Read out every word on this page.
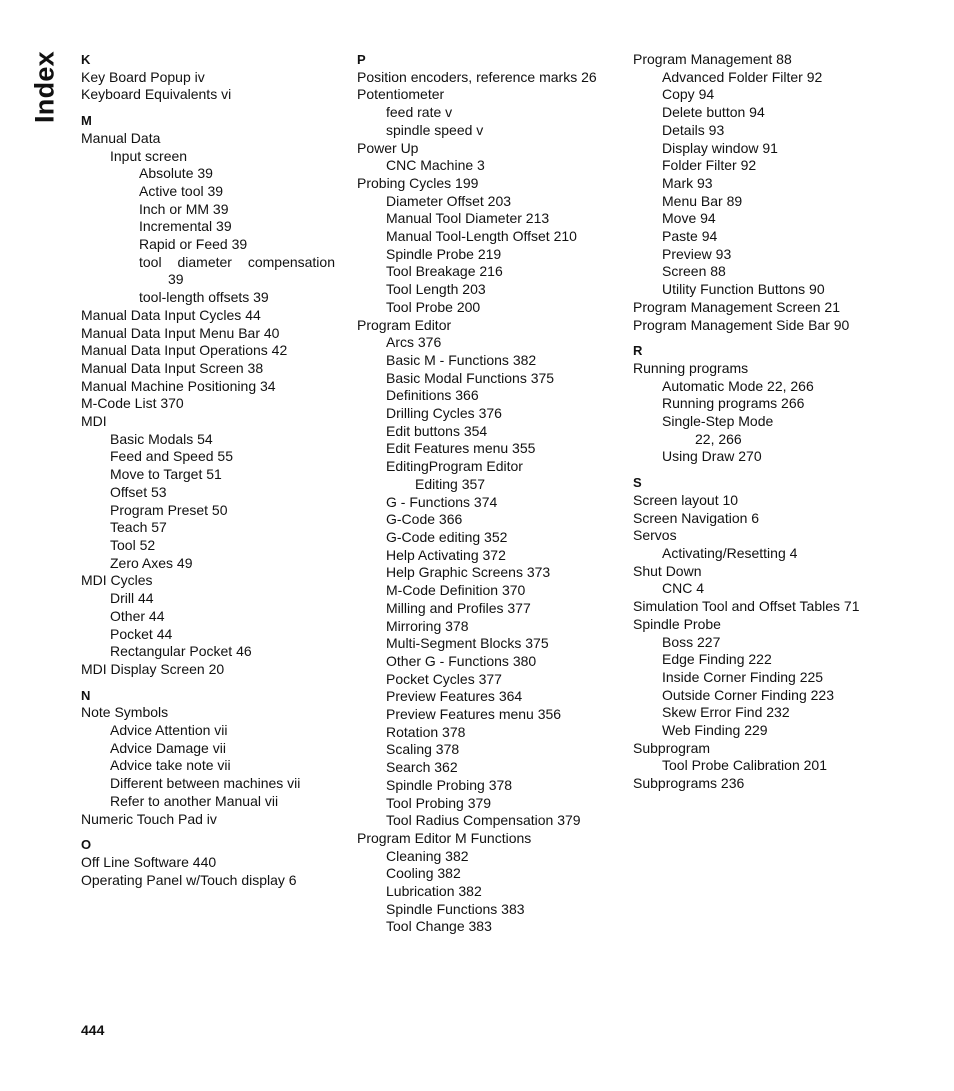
Index K
Key Board Popup iv
Keyboard Equivalents vi
M
Manual Data
Input screen
Absolute 39
Active tool 39
Inch or MM 39
Incremental 39
Rapid or Feed 39
tool diameter compensation
39
tool-length offsets 39
Manual Data Input Cycles 44
Manual Data Input Menu Bar 40
Manual Data Input Operations 42
Manual Data Input Screen 38
Manual Machine Positioning 34
M-Code List 370
MDI
Basic Modals 54
Feed and Speed 55
Move to Target 51
Offset 53
Program Preset 50
Teach 57
Tool 52
Zero Axes 49
MDI Cycles
Drill 44
Other 44
Pocket 44
Rectangular Pocket 46
MDI Display Screen 20
N
Note Symbols
Advice Attention vii
Advice Damage vii
Advice take note vii
Different between machines vii
Refer to another Manual vii
Numeric Touch Pad iv
O
Off Line Software 440
Operating Panel w/Touch display 6
P
Position encoders, reference marks 26
Potentiometer
feed rate v
spindle speed v
Power Up
CNC Machine 3
Probing Cycles 199
Diameter Offset 203
Manual Tool Diameter 213
Manual Tool-Length Offset 210
Spindle Probe 219
Tool Breakage 216
Tool Length 203
Tool Probe 200
Program Editor
Arcs 376
Basic M - Functions 382
Basic Modal Functions 375
Definitions 366
Drilling Cycles 376
Edit buttons 354
Edit Features menu 355
EditingProgram Editor
Editing 357
G - Functions 374
G-Code 366
G-Code editing 352
Help Activating 372
Help Graphic Screens 373
M-Code Definition 370
Milling and Profiles 377
Mirroring 378
Multi-Segment Blocks 375
Other G - Functions 380
Pocket Cycles 377
Preview Features 364
Preview Features menu 356
Rotation 378
Scaling 378
Search 362
Spindle Probing 378
Tool Probing 379
Tool Radius Compensation 379
Program Editor M Functions
Cleaning 382
Cooling 382
Lubrication 382
Spindle Functions 383
Tool Change 383
Program Management 88
Advanced Folder Filter 92
Copy 94
Delete button 94
Details 93
Display window 91
Folder Filter 92
Mark 93
Menu Bar 89
Move 94
Paste 94
Preview 93
Screen 88
Utility Function Buttons 90
Program Management Screen 21
Program Management Side Bar 90
R
Running programs
Automatic Mode 22, 266
Running programs 266
Single-Step Mode
22, 266
Using Draw 270
S
Screen layout 10
Screen Navigation 6
Servos
Activating/Resetting 4
Shut Down
CNC 4
Simulation Tool and Offset Tables 71
Spindle Probe
Boss 227
Edge Finding 222
Inside Corner Finding 225
Outside Corner Finding 223
Skew Error Find 232
Web Finding 229
Subprogram
Tool Probe Calibration 201
Subprograms 236
444
